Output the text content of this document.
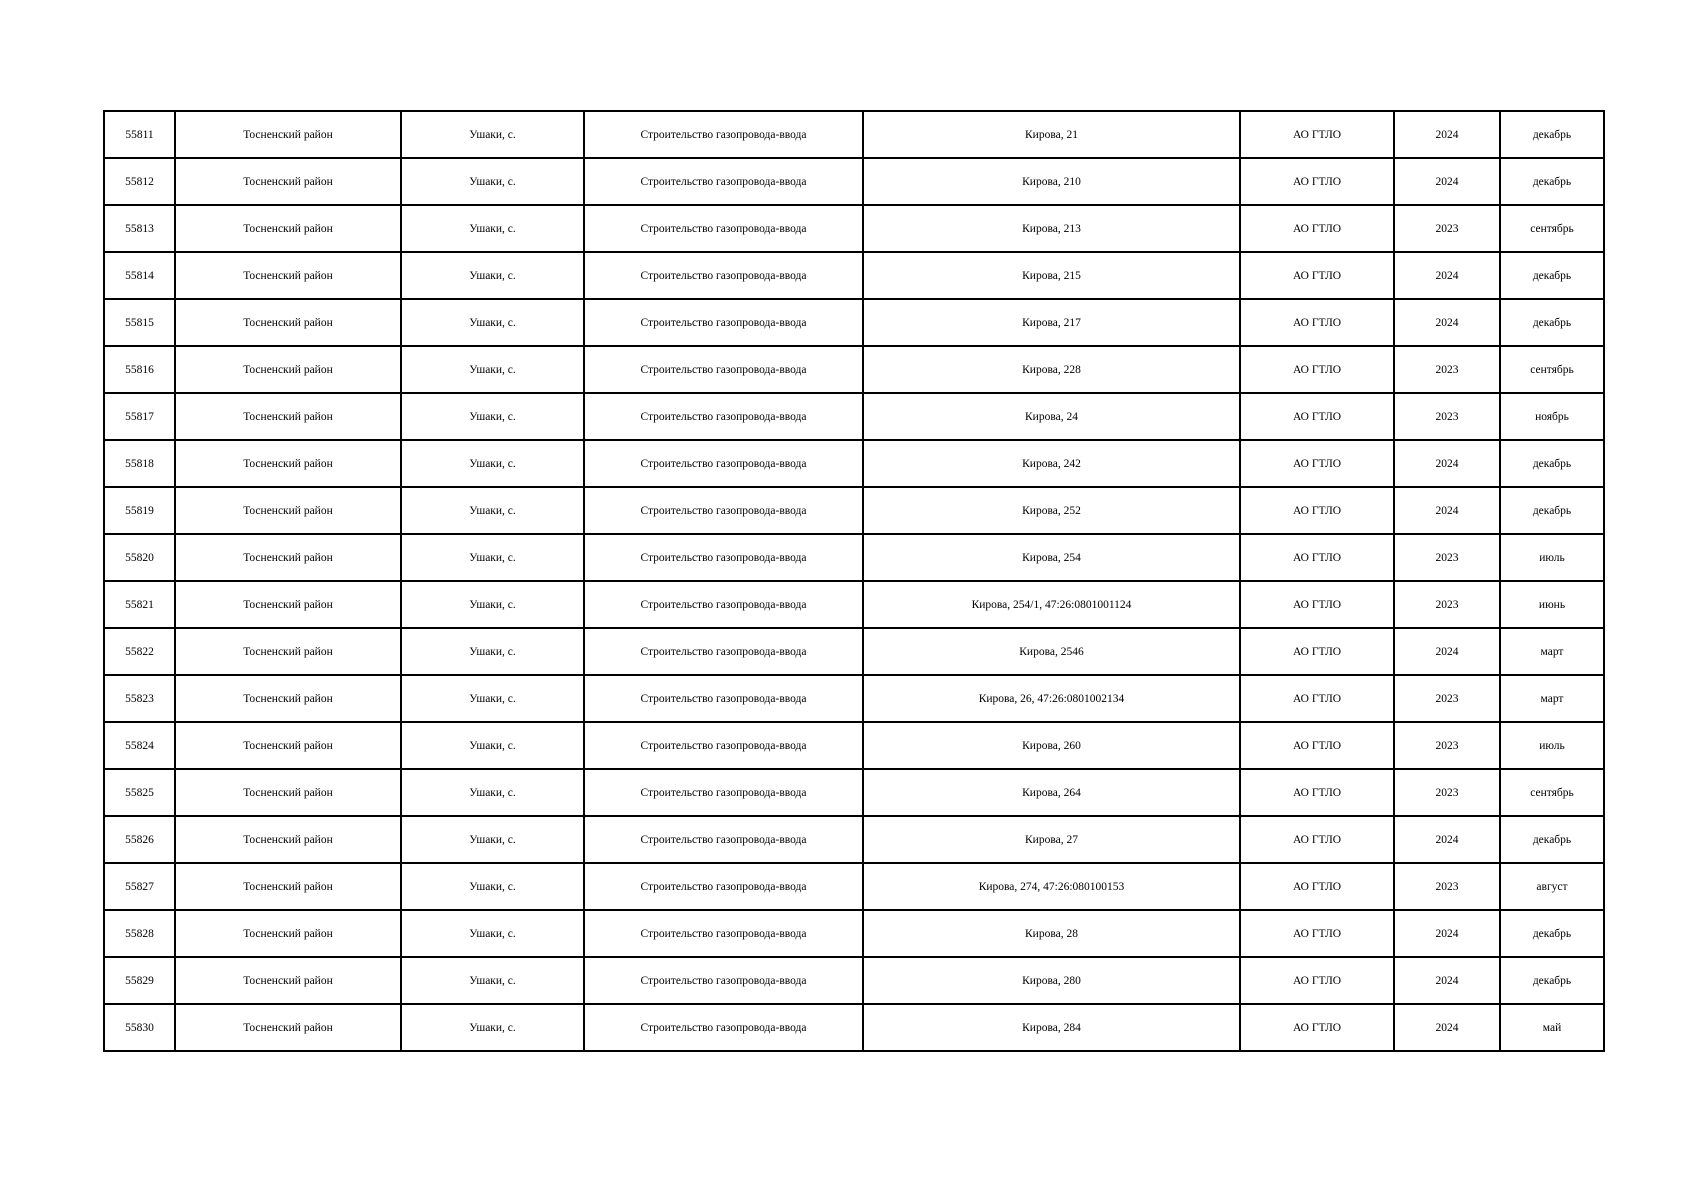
55811	Тосненский район	Ушаки, с.	Строительство газопровода-ввода	Кирова, 21	АО ГТЛО	2024	декабрь
55812	Тосненский район	Ушаки, с.	Строительство газопровода-ввода	Кирова, 210	АО ГТЛО	2024	декабрь
55813	Тосненский район	Ушаки, с.	Строительство газопровода-ввода	Кирова, 213	АО ГТЛО	2023	сентябрь
55814	Тосненский район	Ушаки, с.	Строительство газопровода-ввода	Кирова, 215	АО ГТЛО	2024	декабрь
55815	Тосненский район	Ушаки, с.	Строительство газопровода-ввода	Кирова, 217	АО ГТЛО	2024	декабрь
55816	Тосненский район	Ушаки, с.	Строительство газопровода-ввода	Кирова, 228	АО ГТЛО	2023	сентябрь
55817	Тосненский район	Ушаки, с.	Строительство газопровода-ввода	Кирова, 24	АО ГТЛО	2023	ноябрь
55818	Тосненский район	Ушаки, с.	Строительство газопровода-ввода	Кирова, 242	АО ГТЛО	2024	декабрь
55819	Тосненский район	Ушаки, с.	Строительство газопровода-ввода	Кирова, 252	АО ГТЛО	2024	декабрь
55820	Тосненский район	Ушаки, с.	Строительство газопровода-ввода	Кирова, 254	АО ГТЛО	2023	июль
55821	Тосненский район	Ушаки, с.	Строительство газопровода-ввода	Кирова, 254/1, 47:26:0801001124	АО ГТЛО	2023	июнь
55822	Тосненский район	Ушаки, с.	Строительство газопровода-ввода	Кирова, 2546	АО ГТЛО	2024	март
55823	Тосненский район	Ушаки, с.	Строительство газопровода-ввода	Кирова, 26, 47:26:0801002134	АО ГТЛО	2023	март
55824	Тосненский район	Ушаки, с.	Строительство газопровода-ввода	Кирова, 260	АО ГТЛО	2023	июль
55825	Тосненский район	Ушаки, с.	Строительство газопровода-ввода	Кирова, 264	АО ГТЛО	2023	сентябрь
55826	Тосненский район	Ушаки, с.	Строительство газопровода-ввода	Кирова, 27	АО ГТЛО	2024	декабрь
55827	Тосненский район	Ушаки, с.	Строительство газопровода-ввода	Кирова, 274, 47:26:080100153	АО ГТЛО	2023	август
55828	Тосненский район	Ушаки, с.	Строительство газопровода-ввода	Кирова, 28	АО ГТЛО	2024	декабрь
55829	Тосненский район	Ушаки, с.	Строительство газопровода-ввода	Кирова, 280	АО ГТЛО	2024	декабрь
55830	Тосненский район	Ушаки, с.	Строительство газопровода-ввода	Кирова, 284	АО ГТЛО	2024	май
